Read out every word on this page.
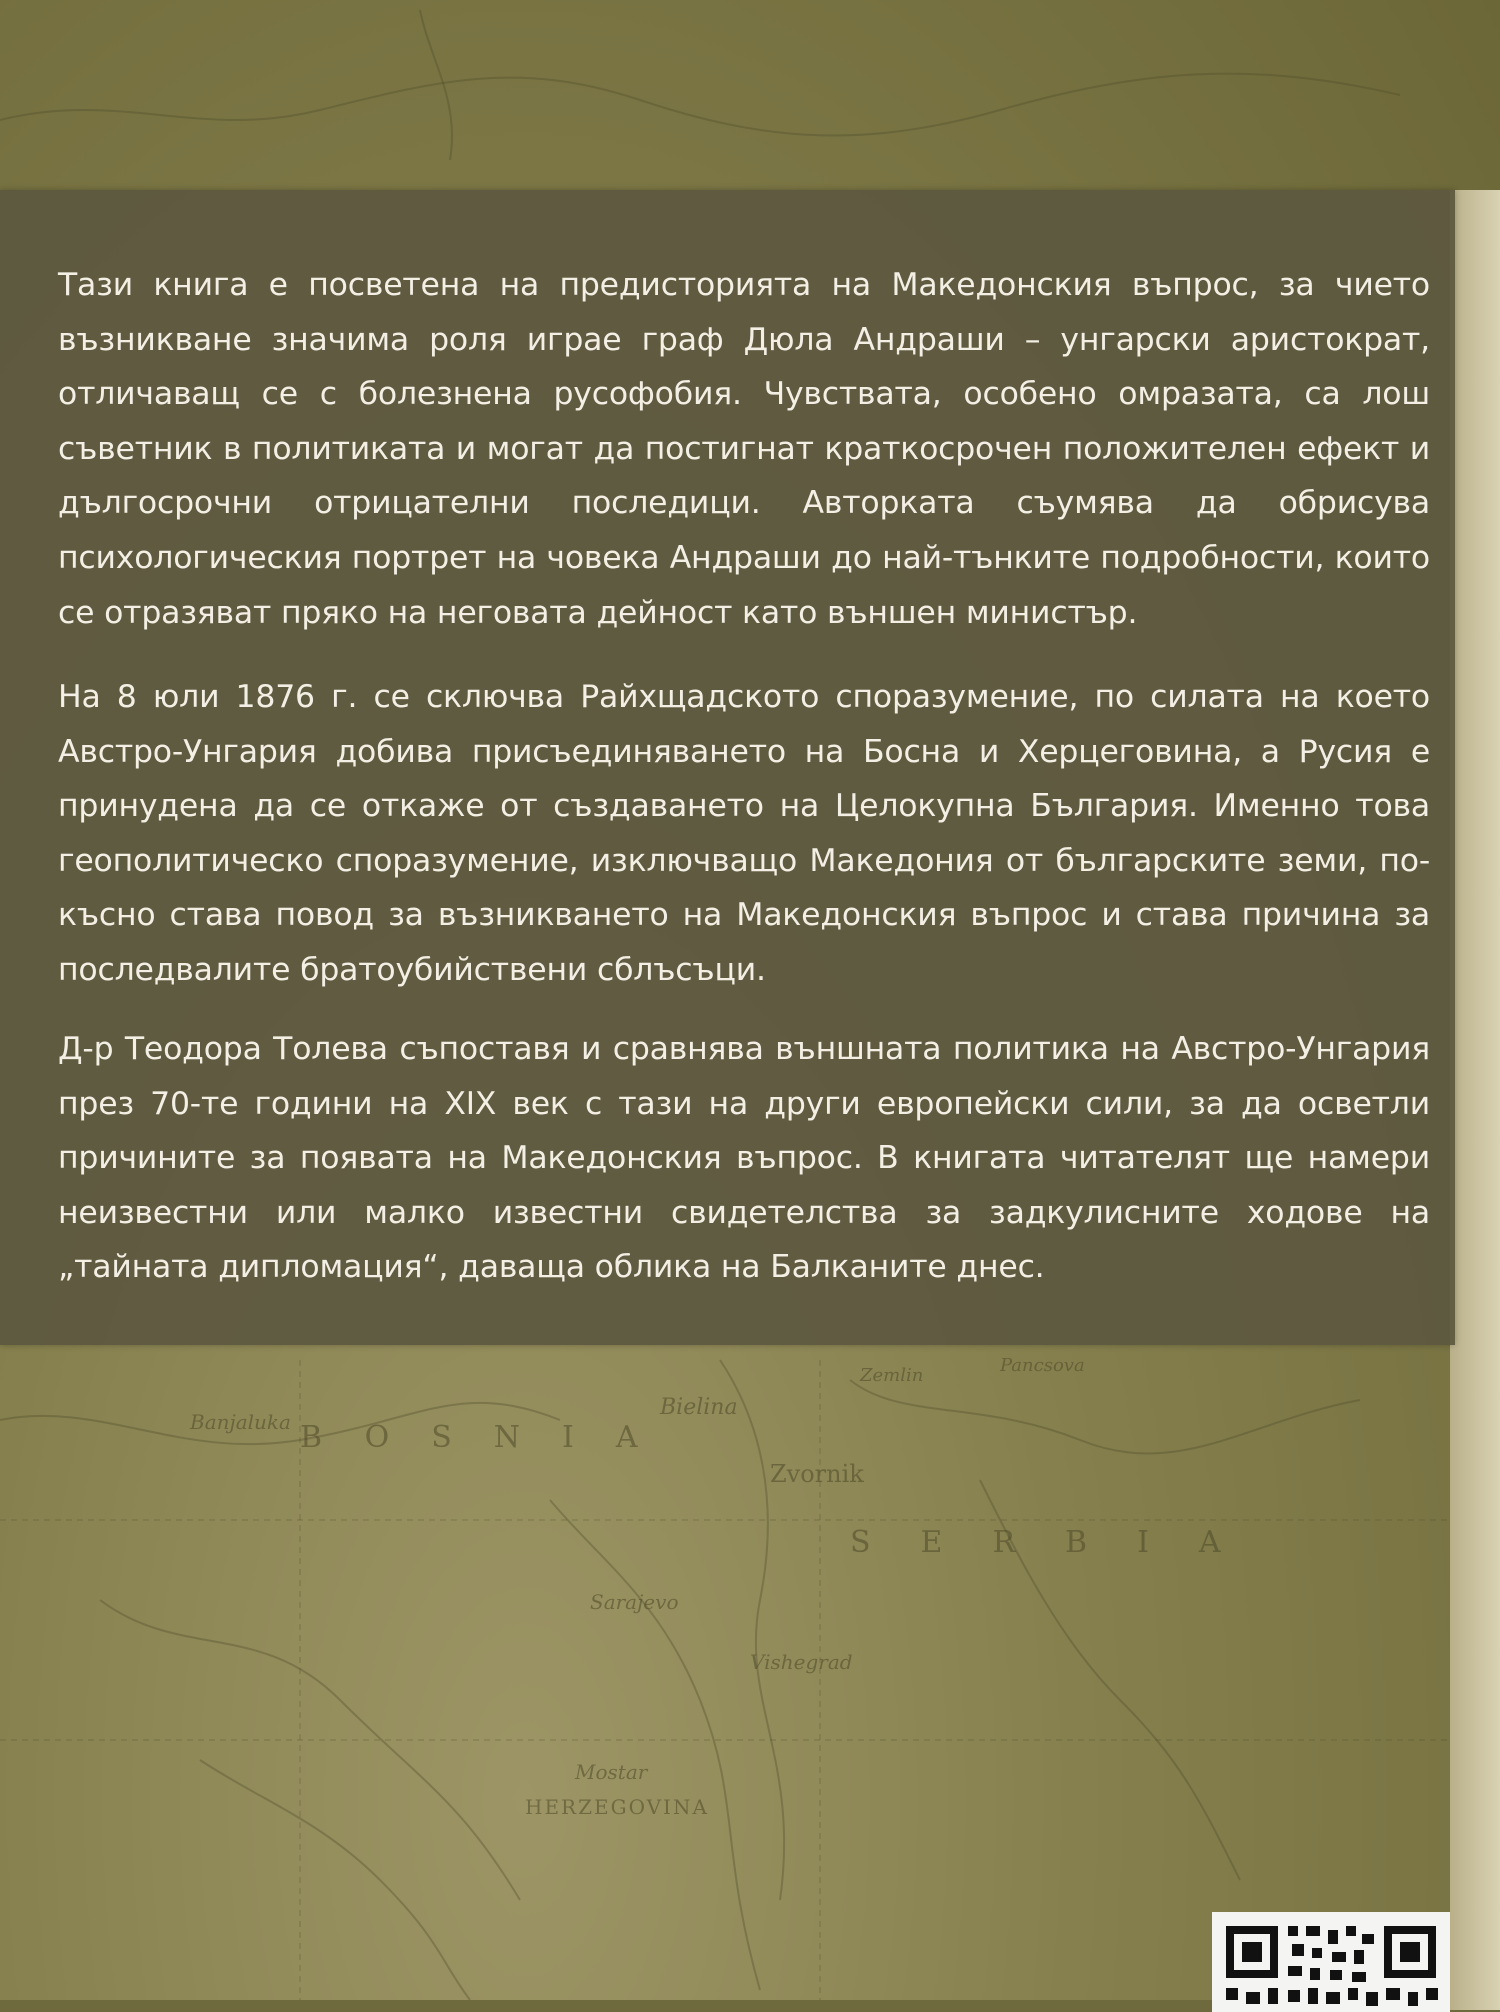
Bielina
Banjaluka
Zvornik
BOSNIA
SERBIA
Sarajevo
Vishegrad
Mostar
HERZEGOVINA
Pancsova
Zemlin

Тази книга е посветена на предисторията на Македонския въпрос, за чието възникване значима роля играе граф Дюла Андраши – унгарски аристократ, отличаващ се с болезнена русофобия. Чувствата, особено омразата, са лош съветник в политиката и могат да постигнат краткосрочен положителен ефект и дългосрочни отрицателни последици. Авторката съумява да обрисува психологическия портрет на човека Андраши до най-тънките подробности, които се отразяват пряко на неговата дейност като външен министър.

На 8 юли 1876 г. се сключва Райхщадското споразумение, по силата на което Австро-Унгария добива присъединяването на Босна и Херцеговина, а Русия е принудена да се откаже от създаването на Целокупна България. Именно това геополитическо споразумение, изключващо Македония от българските земи, по-късно става повод за възникването на Македонския въпрос и става причина за последвалите братоубийствени сблъсъци.

Д-р Теодора Толева съпоставя и сравнява външната политика на Австро-Унгария през 70-те години на XIX век с тази на други европейски сили, за да осветли причините за появата на Македонския въпрос. В книгата читателят ще намери неизвестни или малко известни свидетелства за задкулисните ходове на „тайната дипломация“, даваща облика на Балканите днес.
